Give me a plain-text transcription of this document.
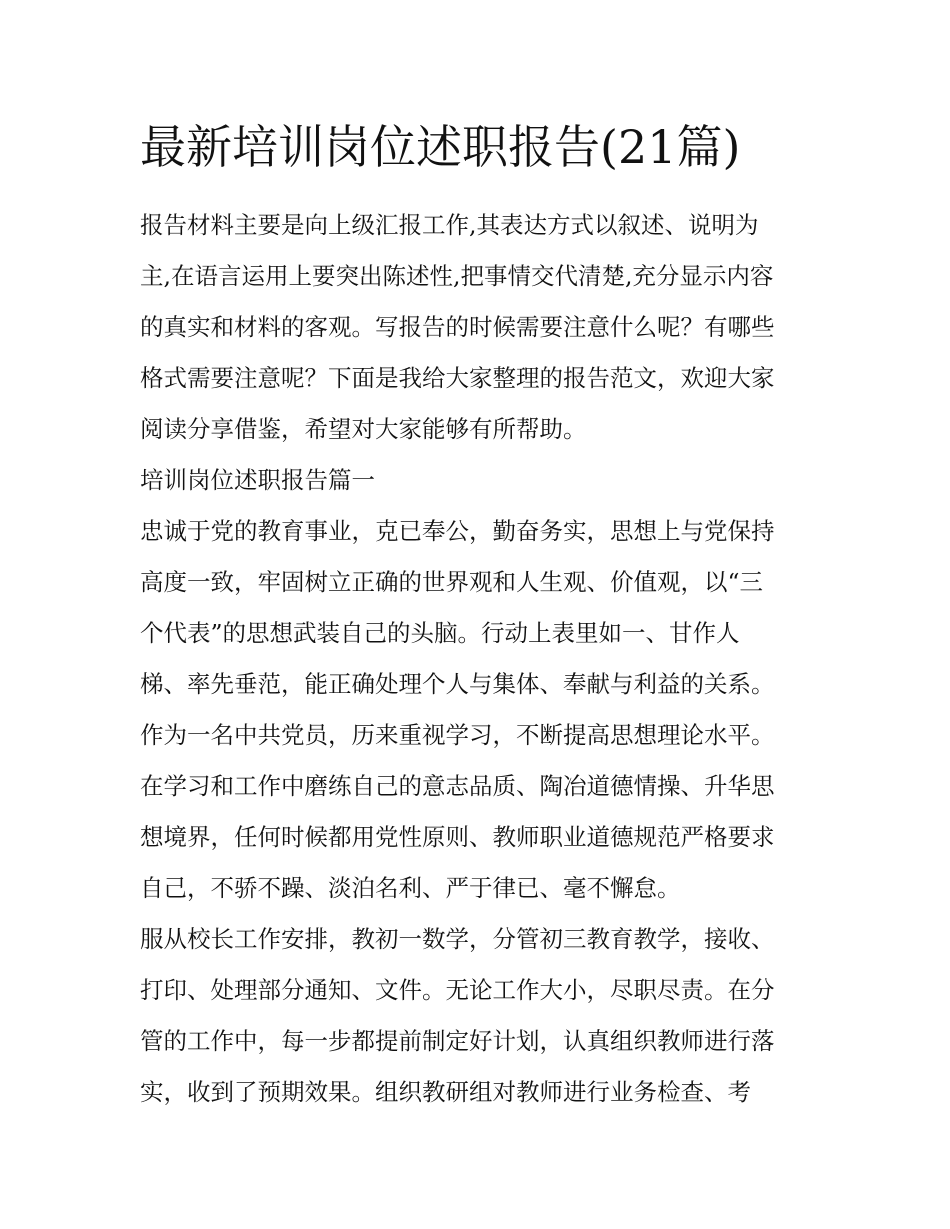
最新培训岗位述职报告(21篇)

报告材料主要是向上级汇报工作,其表达方式以叙述、说明为

主,在语言运用上要突出陈述性,把事情交代清楚,充分显示内容

的真实和材料的客观。写报告的时候需要注意什么呢？有哪些

格式需要注意呢？下面是我给大家整理的报告范文，欢迎大家

阅读分享借鉴，希望对大家能够有所帮助。

培训岗位述职报告篇一

忠诚于党的教育事业，克已奉公，勤奋务实，思想上与党保持

高度一致，牢固树立正确的世界观和人生观、价值观，以“三

个代表”的思想武装自己的头脑。行动上表里如一、甘作人

梯、率先垂范，能正确处理个人与集体、奉献与利益的关系。

作为一名中共党员，历来重视学习，不断提高思想理论水平。

在学习和工作中磨练自己的意志品质、陶冶道德情操、升华思

想境界，任何时候都用党性原则、教师职业道德规范严格要求

自己，不骄不躁、淡泊名利、严于律已、毫不懈怠。

服从校长工作安排，教初一数学，分管初三教育教学，接收、

打印、处理部分通知、文件。无论工作大小，尽职尽责。在分

管的工作中，每一步都提前制定好计划，认真组织教师进行落

实，收到了预期效果。组织教研组对教师进行业务检查、考
